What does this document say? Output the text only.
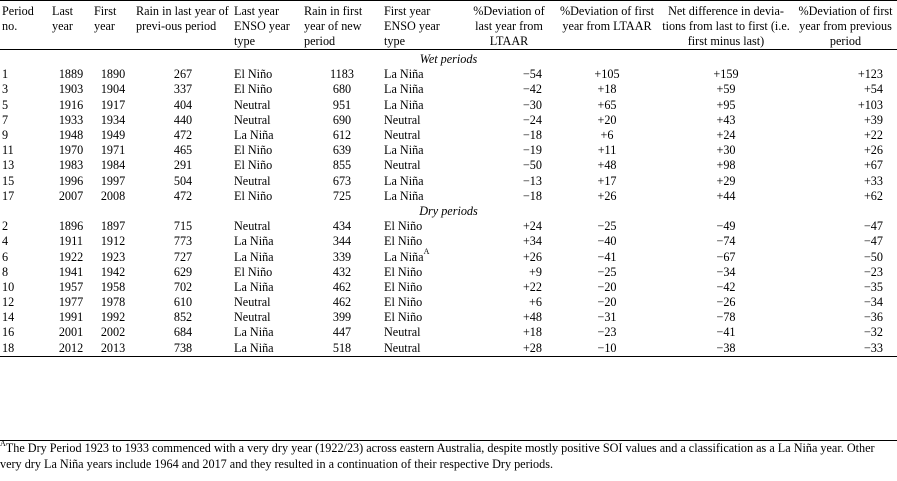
Period no.	Last year	First year	Rain in last year of previ-ous period	Last year ENSO year type	Rain in first year of new period	First year ENSO year type	%Deviation of last year from LTAAR	%Deviation of first year from LTAAR	Net difference in devia-tions from last to first (i.e. first minus last)	%Deviation of first year from previous period
Wet periods										
1	1889	1890	267	El Niño	1183	La Niña	−54	+105	+159	+123
3	1903	1904	337	El Niño	680	La Niña	−42	+18	+59	+54
5	1916	1917	404	Neutral	951	La Niña	−30	+65	+95	+103
7	1933	1934	440	Neutral	690	Neutral	−24	+20	+43	+39
9	1948	1949	472	La Niña	612	Neutral	−18	+6	+24	+22
11	1970	1971	465	El Niño	639	La Niña	−19	+11	+30	+26
13	1983	1984	291	El Niño	855	Neutral	−50	+48	+98	+67
15	1996	1997	504	Neutral	673	La Niña	−13	+17	+29	+33
17	2007	2008	472	El Niño	725	La Niña	−18	+26	+44	+62
Dry periods										
2	1896	1897	715	Neutral	434	El Niño	+24	−25	−49	−47
4	1911	1912	773	La Niña	344	El Niño	+34	−40	−74	−47
6	1922	1923	727	La Niña	339	La Niña$^A$	+26	−41	−67	−50
8	1941	1942	629	El Niño	432	El Niño	+9	−25	−34	−23
10	1957	1958	702	La Niña	462	El Niño	+22	−20	−42	−35
12	1977	1978	610	Neutral	462	El Niño	+6	−20	−26	−34
14	1991	1992	852	Neutral	399	El Niño	+48	−31	−78	−36
16	2001	2002	684	La Niña	447	Neutral	+18	−23	−41	−32
18	2012	2013	738	La Niña	518	Neutral	+28	−10	−38	−33
$^A$The Dry Period 1923 to 1933 commenced with a very dry year (1922/23) across eastern Australia, despite mostly positive SOI values and a classification as a La Niña year. Other very dry La Niña years include 1964 and 2017 and they resulted in a continuation of their respective Dry periods.
